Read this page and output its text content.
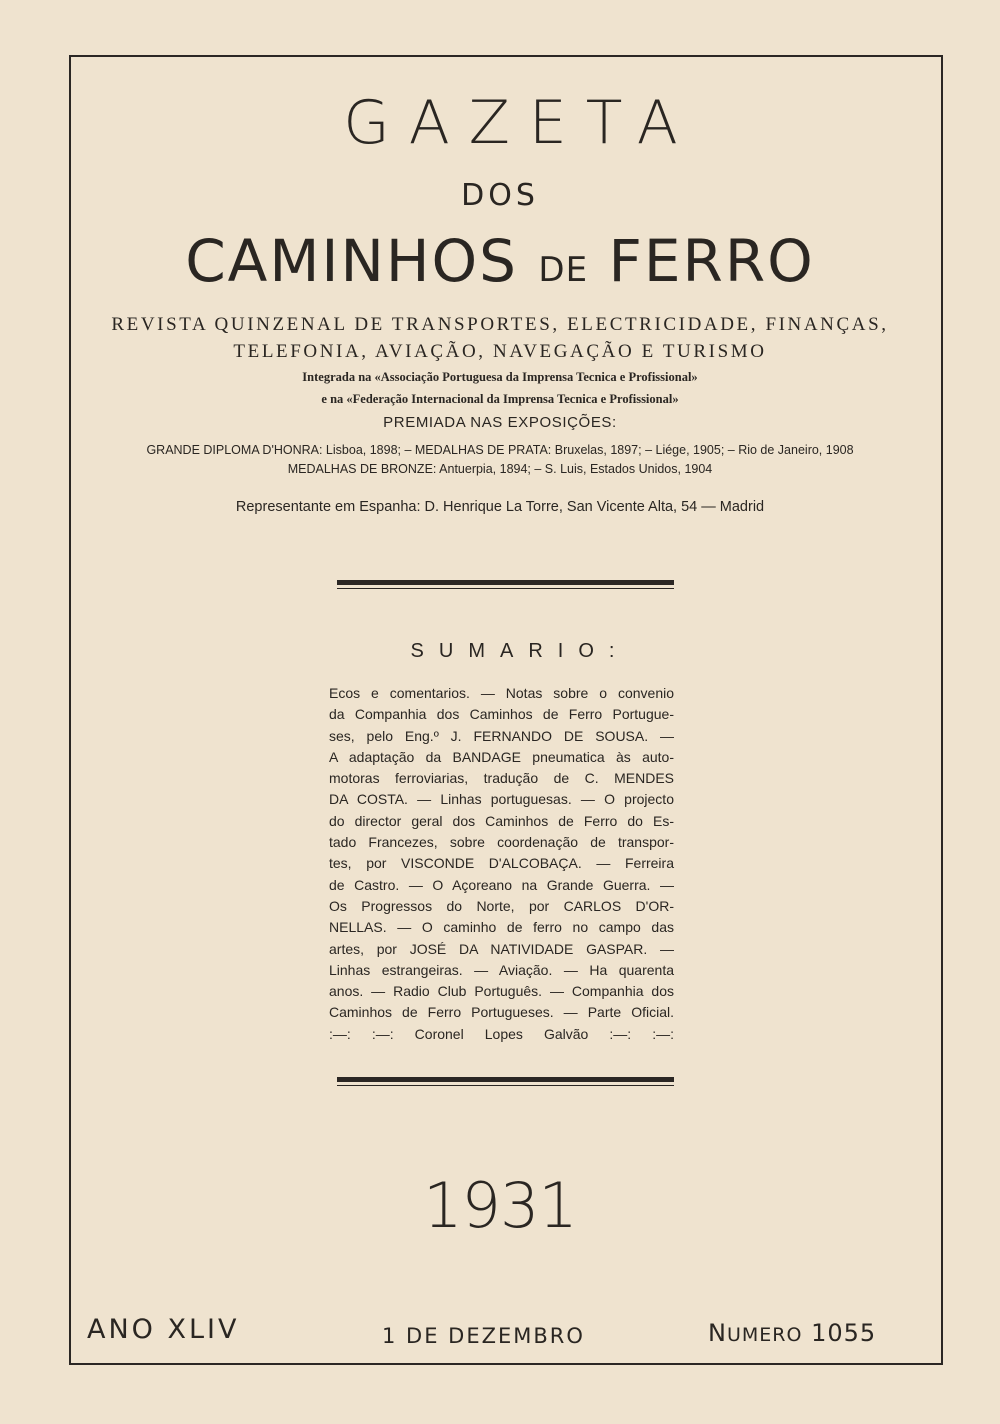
GAZETA
DOS
CAMINHOS DE FERRO
REVISTA QUINZENAL DE TRANSPORTES, ELECTRICIDADE, FINANÇAS,
TELEFONIA, AVIAÇÃO, NAVEGAÇÃO E TURISMO
Integrada na «Associação Portuguesa da Imprensa Tecnica e Profissional»
e na «Federação Internacional da Imprensa Tecnica e Profissional»
PREMIADA NAS EXPOSIÇÕES:
GRANDE DIPLOMA D'HONRA: Lisboa, 1898; – MEDALHAS DE PRATA: Bruxelas, 1897; – Liége, 1905; – Rio de Janeiro, 1908
MEDALHAS DE BRONZE: Antuerpia, 1894; – S. Luis, Estados Unidos, 1904
Representante em Espanha: D. Henrique La Torre, San Vicente Alta, 54 — Madrid
SUMARIO:
Ecos e comentarios. — Notas sobre o convenio
da Companhia dos Caminhos de Ferro Portugue-
ses, pelo Eng.º J. FERNANDO DE SOUSA. —
A adaptação da BANDAGE pneumatica às auto-
motoras ferroviarias, tradução de C. MENDES
DA COSTA. — Linhas portuguesas. — O projecto
do director geral dos Caminhos de Ferro do Es-
tado Francezes, sobre coordenação de transpor-
tes, por VISCONDE D'ALCOBAÇA. — Ferreira
de Castro. — O Açoreano na Grande Guerra. —
Os Progressos do Norte, por CARLOS D'OR-
NELLAS. — O caminho de ferro no campo das
artes, por JOSÉ DA NATIVIDADE GASPAR. —
Linhas estrangeiras. — Aviação. — Ha quarenta
anos. — Radio Club Português. — Companhia dos
Caminhos de Ferro Portugueses. — Parte Oficial.
:—: :—: Coronel Lopes Galvão :—: :—:
1931
ANO XLIV	1 DE DEZEMBRO	NUMERO 1055
